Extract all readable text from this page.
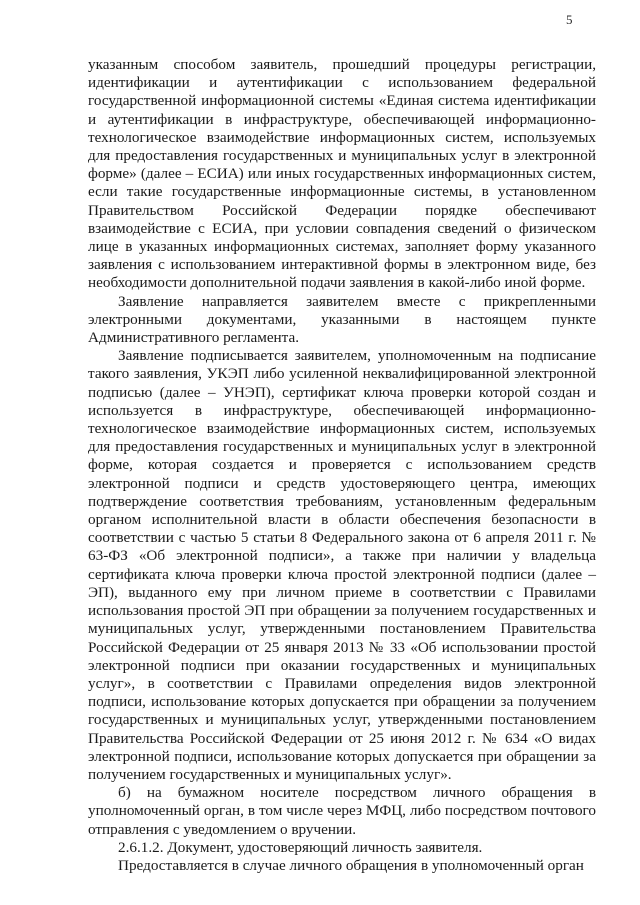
5

указанным способом заявитель, прошедший процедуры регистрации, идентификации и аутентификации с использованием федеральной государственной информационной системы «Единая система идентификации и аутентификации в инфраструктуре, обеспечивающей информационно-технологическое взаимодействие информационных систем, используемых для предоставления государственных и муниципальных услуг в электронной форме» (далее – ЕСИА) или иных государственных информационных систем, если такие государственные информационные системы, в установленном Правительством Российской Федерации порядке обеспечивают взаимодействие с ЕСИА, при условии совпадения сведений о физическом лице в указанных информационных системах, заполняет форму указанного заявления с использованием интерактивной формы в электронном виде, без необходимости дополнительной подачи заявления в какой-либо иной форме.

Заявление направляется заявителем вместе с прикрепленными электронными документами, указанными в настоящем пункте Административного регламента.

Заявление подписывается заявителем, уполномоченным на подписание такого заявления, УКЭП либо усиленной неквалифицированной электронной подписью (далее – УНЭП), сертификат ключа проверки которой создан и используется в инфраструктуре, обеспечивающей информационно-технологическое взаимодействие информационных систем, используемых для предоставления государственных и муниципальных услуг в электронной форме, которая создается и проверяется с использованием средств электронной подписи и средств удостоверяющего центра, имеющих подтверждение соответствия требованиям, установленным федеральным органом исполнительной власти в области обеспечения безопасности в соответствии с частью 5 статьи 8 Федерального закона от 6 апреля 2011 г. № 63-ФЗ «Об электронной подписи», а также при наличии у владельца сертификата ключа проверки ключа простой электронной подписи (далее – ЭП), выданного ему при личном приеме в соответствии с Правилами использования простой ЭП при обращении за получением государственных и муниципальных услуг, утвержденными постановлением Правительства Российской Федерации от 25 января 2013 № 33 «Об использовании простой электронной подписи при оказании государственных и муниципальных услуг», в соответствии с Правилами определения видов электронной подписи, использование которых допускается при обращении за получением государственных и муниципальных услуг, утвержденными постановлением Правительства Российской Федерации от 25 июня 2012 г. № 634 «О видах электронной подписи, использование которых допускается при обращении за получением государственных и муниципальных услуг».

б) на бумажном носителе посредством личного обращения в уполномоченный орган, в том числе через МФЦ, либо посредством почтового отправления с уведомлением о вручении.

2.6.1.2. Документ, удостоверяющий личность заявителя.

Предоставляется в случае личного обращения в уполномоченный орган
